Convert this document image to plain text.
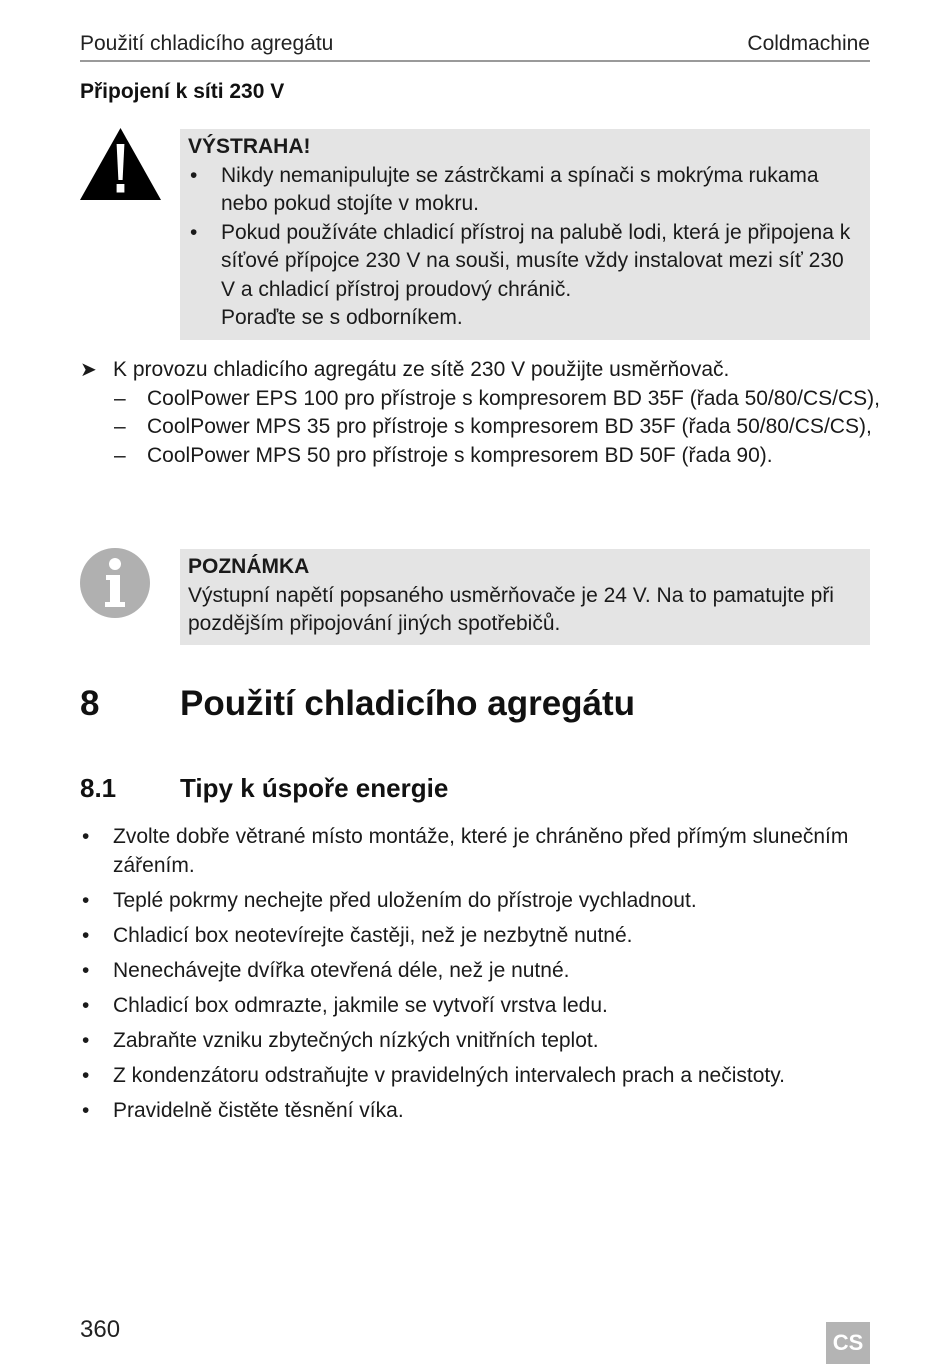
Použití chladicího agregátu	Coldmachine
Připojení k síti 230 V
VÝSTRAHA!
• Nikdy nemanipulujte se zástrčkami a spínači s mokrýma rukama nebo pokud stojíte v mokru.
• Pokud používáte chladicí přístroj na palubě lodi, která je připojena k síťové přípojce 230 V na souši, musíte vždy instalovat mezi síť 230 V a chladicí přístroj proudový chránič.
Poraďte se s odborníkem.
➤ K provozu chladicího agregátu ze sítě 230 V použijte usměrňovač.
– CoolPower EPS 100 pro přístroje s kompresorem BD 35F (řada 50/80/CS/CS),
– CoolPower MPS 35 pro přístroje s kompresorem BD 35F (řada 50/80/CS/CS),
– CoolPower MPS 50 pro přístroje s kompresorem BD 50F (řada 90).
POZNÁMKA
Výstupní napětí popsaného usměrňovače je 24 V. Na to pamatujte při pozdějším připojování jiných spotřebičů.
8 Použití chladicího agregátu
8.1 Tipy k úspoře energie
• Zvolte dobře větrané místo montáže, které je chráněno před přímým slunečním zářením.
• Teplé pokrmy nechejte před uložením do přístroje vychladnout.
• Chladicí box neotevírejte častěji, než je nezbytně nutné.
• Nenechávejte dvířka otevřená déle, než je nutné.
• Chladicí box odmrazte, jakmile se vytvoří vrstva ledu.
• Zabraňte vzniku zbytečných nízkých vnitřních teplot.
• Z kondenzátoru odstraňujte v pravidelných intervalech prach a nečistoty.
• Pravidelně čistěte těsnění víka.
360	CS
